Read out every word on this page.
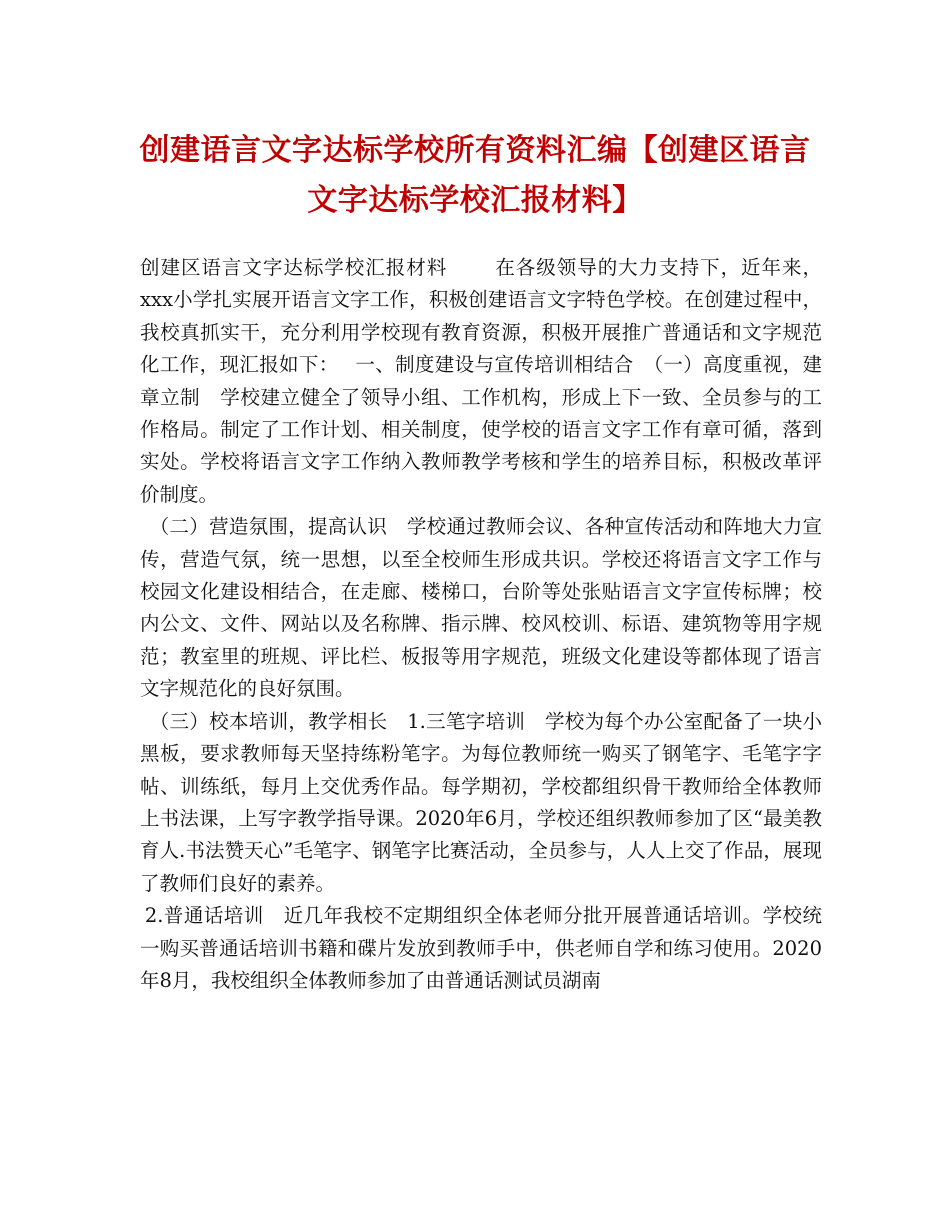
创建语言文字达标学校所有资料汇编【创建区语言文字达标学校汇报材料】

创建区语言文字达标学校汇报材料　　 在各级领导的大力支持下，近年来，xxx小学扎实展开语言文字工作，积极创建语言文字特色学校。在创建过程中，我校真抓实干，充分利用学校现有教育资源，积极开展推广普通话和文字规范化工作，现汇报如下：　 一、制度建设与宣传培训相结合　（一）高度重视，建章立制　学校建立健全了领导小组、工作机构，形成上下一致、全员参与的工作格局。制定了工作计划、相关制度，使学校的语言文字工作有章可循，落到实处。学校将语言文字工作纳入教师教学考核和学生的培养目标，积极改革评价制度。

（二）营造氛围，提高认识　学校通过教师会议、各种宣传活动和阵地大力宣传，营造气氛，统一思想，以至全校师生形成共识。学校还将语言文字工作与校园文化建设相结合，在走廊、楼梯口，台阶等处张贴语言文字宣传标牌；校内公文、文件、网站以及名称牌、指示牌、校风校训、标语、建筑物等用字规范；教室里的班规、评比栏、板报等用字规范，班级文化建设等都体现了语言文字规范化的良好氛围。

（三）校本培训，教学相长　1.三笔字培训　学校为每个办公室配备了一块小黑板，要求教师每天坚持练粉笔字。为每位教师统一购买了钢笔字、毛笔字字帖、训练纸，每月上交优秀作品。每学期初，学校都组织骨干教师给全体教师上书法课，上写字教学指导课。2020年6月，学校还组织教师参加了区“最美教育人.书法赞天心”毛笔字、钢笔字比赛活动，全员参与，人人上交了作品，展现了教师们良好的素养。

2.普通话培训　近几年我校不定期组织全体老师分批开展普通话培训。学校统一购买普通话培训书籍和碟片发放到教师手中，供老师自学和练习使用。2020年8月，我校组织全体教师参加了由普通话测试员湖南
